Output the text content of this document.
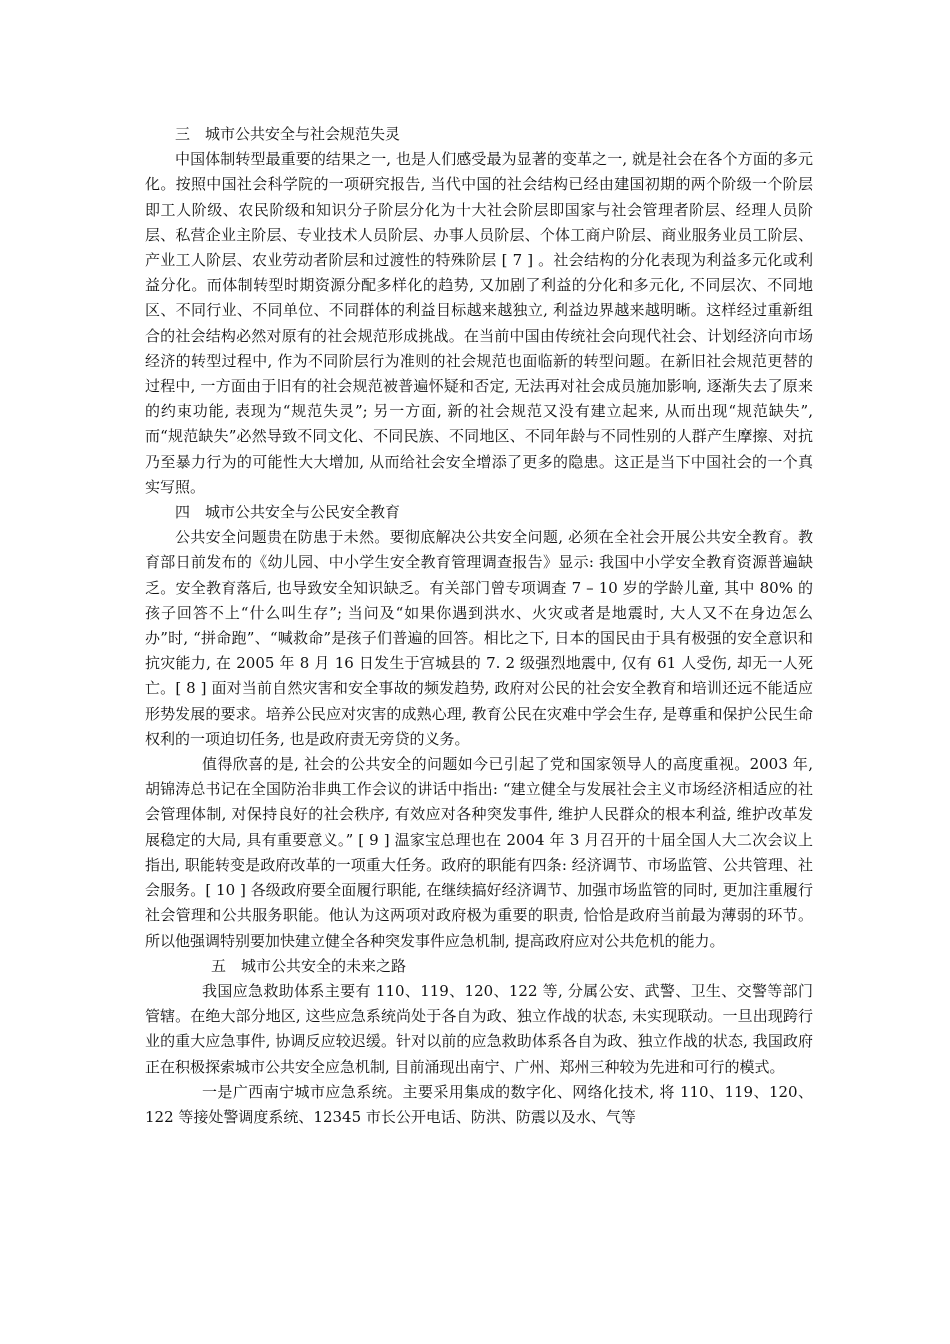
三　城市公共安全与社会规范失灵

中国体制转型最重要的结果之一, 也是人们感受最为显著的变革之一, 就是社会在各个方面的多元化。按照中国社会科学院的一项研究报告, 当代中国的社会结构已经由建国初期的两个阶级一个阶层即工人阶级、农民阶级和知识分子阶层分化为十大社会阶层即国家与社会管理者阶层、经理人员阶层、私营企业主阶层、专业技术人员阶层、办事人员阶层、个体工商户阶层、商业服务业员工阶层、产业工人阶层、农业劳动者阶层和过渡性的特殊阶层 [ 7 ] 。社会结构的分化表现为利益多元化或利益分化。而体制转型时期资源分配多样化的趋势, 又加剧了利益的分化和多元化, 不同层次、不同地区、不同行业、不同单位、不同群体的利益目标越来越独立, 利益边界越来越明晰。这样经过重新组合的社会结构必然对原有的社会规范形成挑战。在当前中国由传统社会向现代社会、计划经济向市场经济的转型过程中, 作为不同阶层行为准则的社会规范也面临新的转型问题。在新旧社会规范更替的过程中, 一方面由于旧有的社会规范被普遍怀疑和否定, 无法再对社会成员施加影响, 逐渐失去了原来的约束功能, 表现为“规范失灵”; 另一方面, 新的社会规范又没有建立起来, 从而出现“规范缺失”, 而“规范缺失”必然导致不同文化、不同民族、不同地区、不同年龄与不同性别的人群产生摩擦、对抗乃至暴力行为的可能性大大增加, 从而给社会安全增添了更多的隐患。这正是当下中国社会的一个真实写照。

四　城市公共安全与公民安全教育

公共安全问题贵在防患于未然。要彻底解决公共安全问题, 必须在全社会开展公共安全教育。教育部日前发布的《幼儿园、中小学生安全教育管理调查报告》显示: 我国中小学安全教育资源普遍缺乏。安全教育落后, 也导致安全知识缺乏。有关部门曾专项调查 7 – 10 岁的学龄儿童, 其中 80% 的孩子回答不上“什么叫生存”; 当问及“如果你遇到洪水、火灾或者是地震时, 大人又不在身边怎么办”时, “拼命跑”、“喊救命”是孩子们普遍的回答。相比之下, 日本的国民由于具有极强的安全意识和抗灾能力, 在 2005 年 8 月 16 日发生于宫城县的 7. 2 级强烈地震中, 仅有 61 人受伤, 却无一人死亡。[ 8 ] 面对当前自然灾害和安全事故的频发趋势, 政府对公民的社会安全教育和培训还远不能适应形势发展的要求。培养公民应对灾害的成熟心理, 教育公民在灾难中学会生存, 是尊重和保护公民生命权利的一项迫切任务, 也是政府责无旁贷的义务。

值得欣喜的是, 社会的公共安全的问题如今已引起了党和国家领导人的高度重视。2003 年, 胡锦涛总书记在全国防治非典工作会议的讲话中指出: “建立健全与发展社会主义市场经济相适应的社会管理体制, 对保持良好的社会秩序, 有效应对各种突发事件, 维护人民群众的根本利益, 维护改革发展稳定的大局, 具有重要意义。” [ 9 ] 温家宝总理也在 2004 年 3 月召开的十届全国人大二次会议上指出, 职能转变是政府改革的一项重大任务。政府的职能有四条: 经济调节、市场监管、公共管理、社会服务。[ 10 ] 各级政府要全面履行职能, 在继续搞好经济调节、加强市场监管的同时, 更加注重履行社会管理和公共服务职能。他认为这两项对政府极为重要的职责, 恰恰是政府当前最为薄弱的环节。所以他强调特别要加快建立健全各种突发事件应急机制, 提高政府应对公共危机的能力。

五　城市公共安全的未来之路

我国应急救助体系主要有 110、119、120、122 等, 分属公安、武警、卫生、交警等部门管辖。在绝大部分地区, 这些应急系统尚处于各自为政、独立作战的状态, 未实现联动。一旦出现跨行业的重大应急事件, 协调反应较迟缓。针对以前的应急救助体系各自为政、独立作战的状态, 我国政府正在积极探索城市公共安全应急机制, 目前涌现出南宁、广州、郑州三种较为先进和可行的模式。

一是广西南宁城市应急系统。主要采用集成的数字化、网络化技术, 将 110、119、120、122 等接处警调度系统、12345 市长公开电话、防洪、防震以及水、气等
